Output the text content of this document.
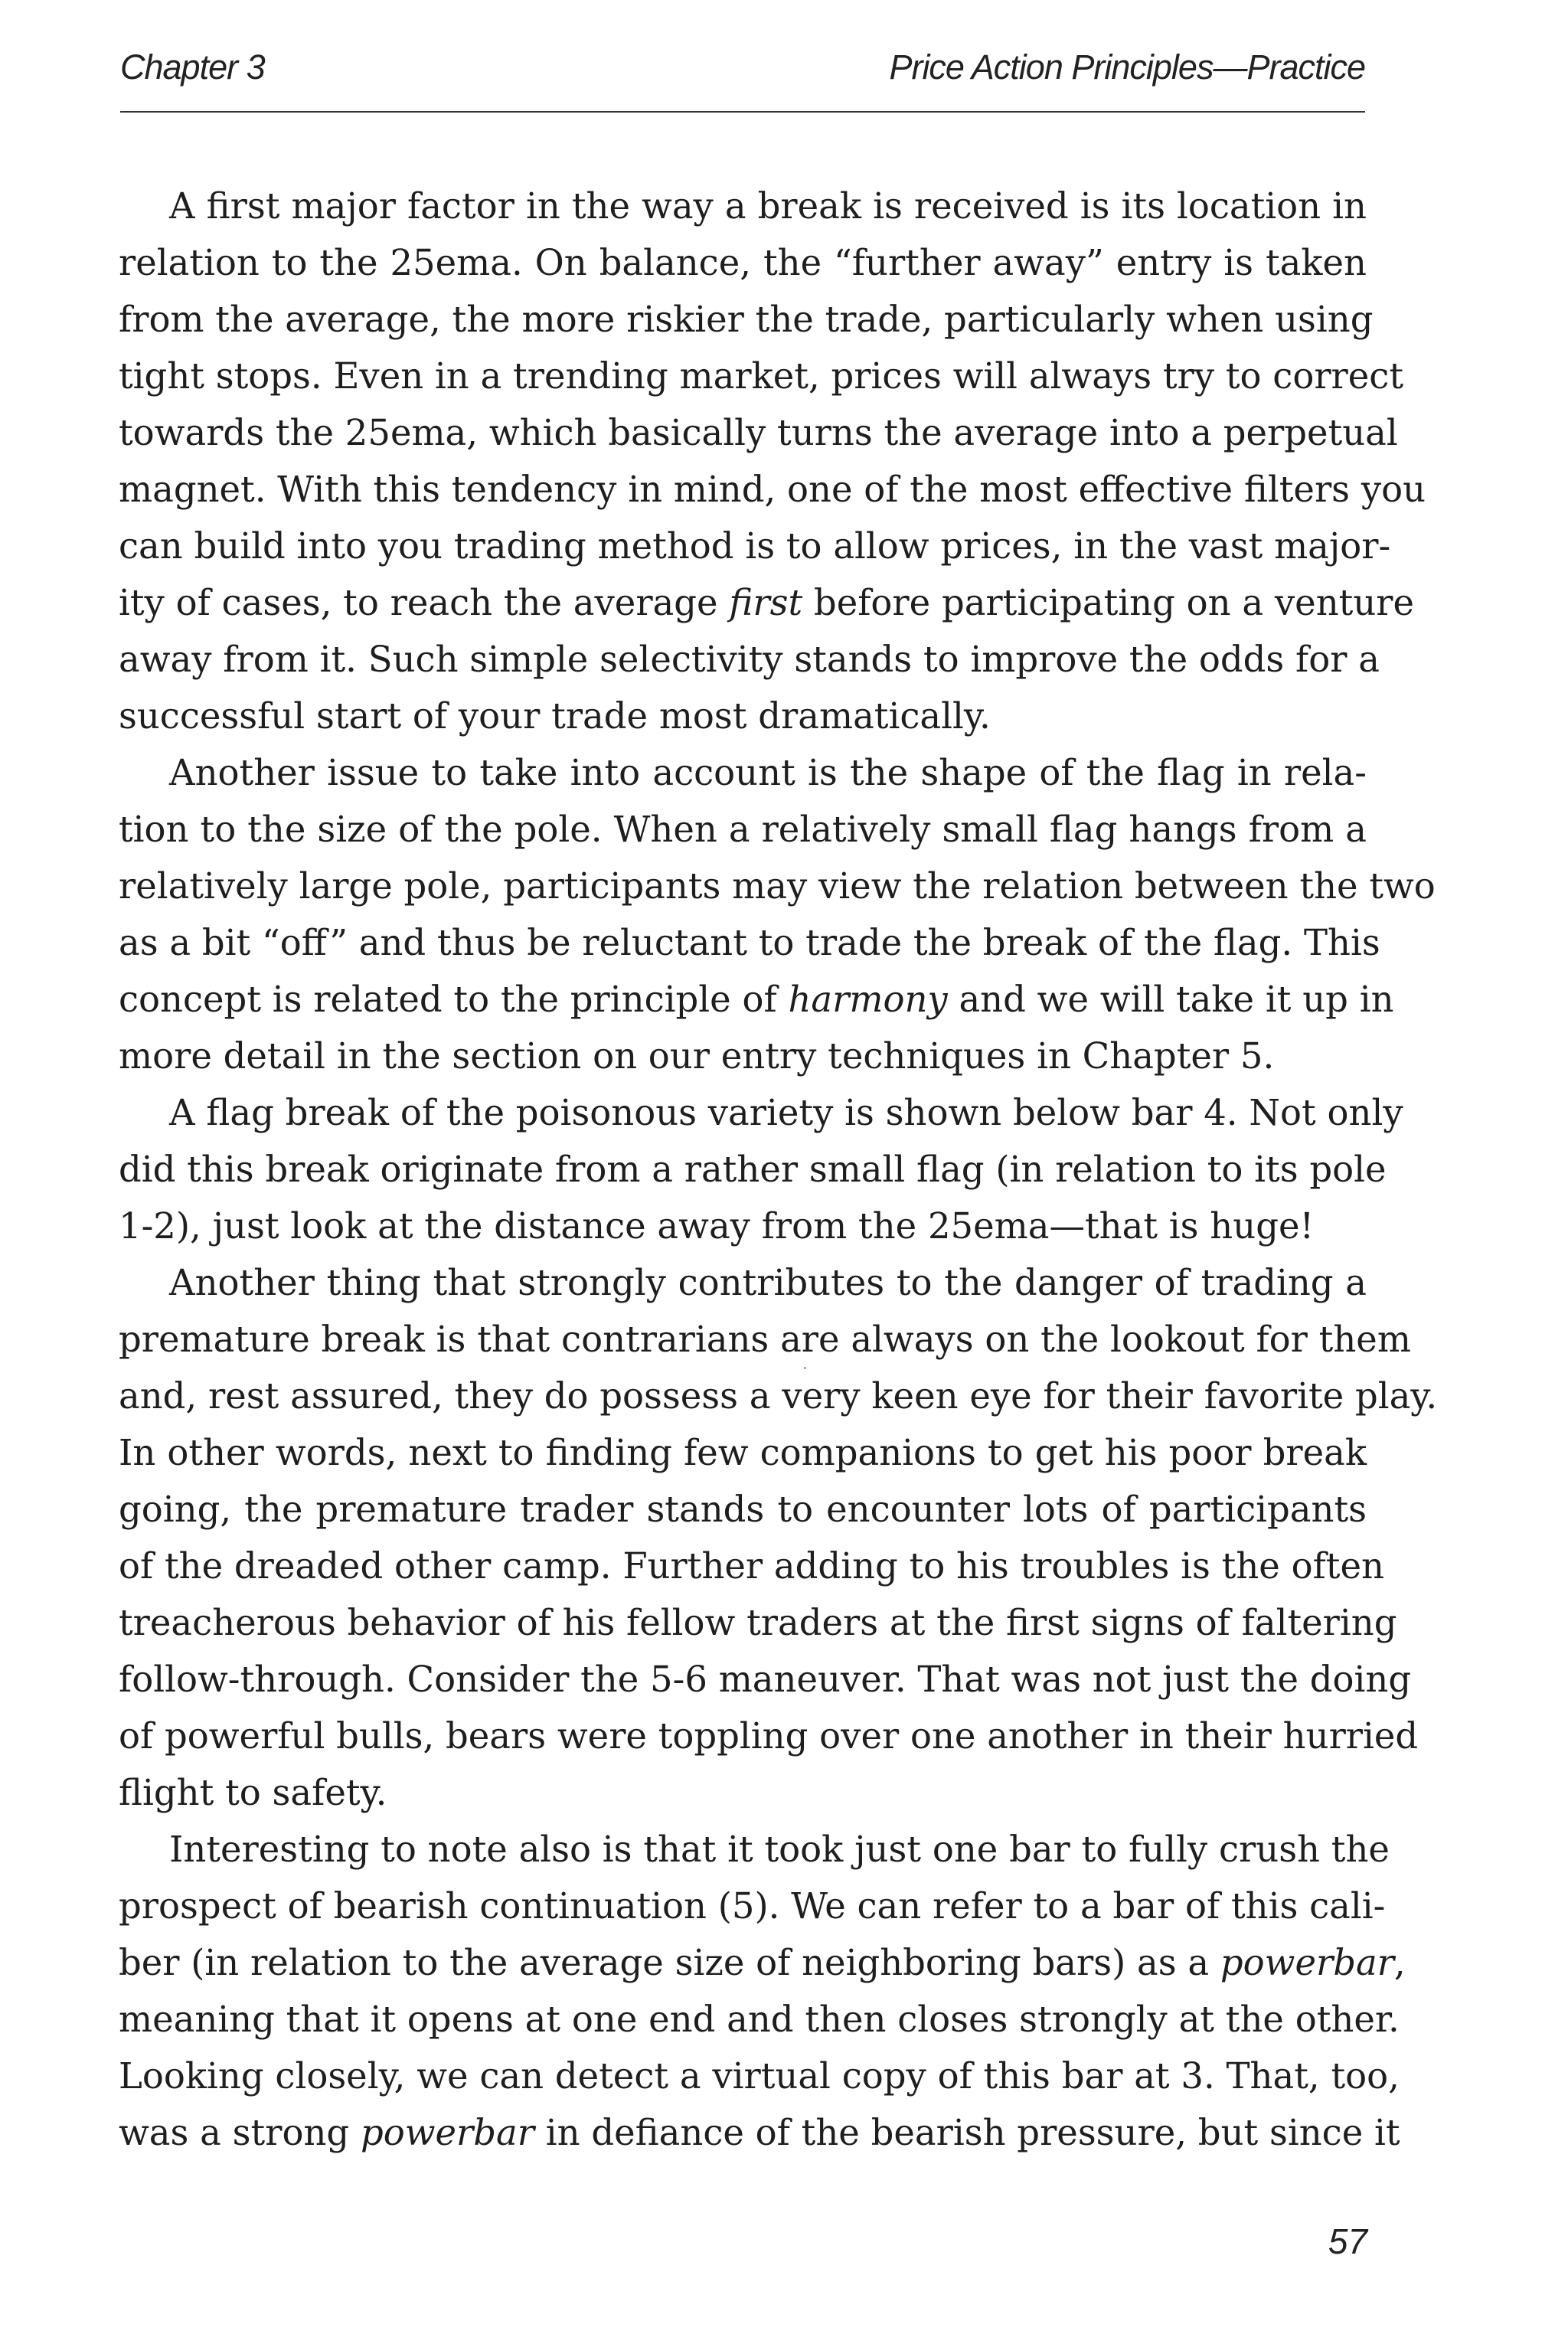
Chapter 3	Price Action Principles—Practice
A first major factor in the way a break is received is its location in
relation to the 25ema. On balance, the “further away” entry is taken
from the average, the more riskier the trade, particularly when using
tight stops. Even in a trending market, prices will always try to correct
towards the 25ema, which basically turns the average into a perpetual
magnet. With this tendency in mind, one of the most effective filters you
can build into you trading method is to allow prices, in the vast major-
ity of cases, to reach the average first before participating on a venture
away from it. Such simple selectivity stands to improve the odds for a
successful start of your trade most dramatically.
Another issue to take into account is the shape of the flag in rela-
tion to the size of the pole. When a relatively small flag hangs from a
relatively large pole, participants may view the relation between the two
as a bit “off” and thus be reluctant to trade the break of the flag. This
concept is related to the principle of harmony and we will take it up in
more detail in the section on our entry techniques in Chapter 5.
A flag break of the poisonous variety is shown below bar 4. Not only
did this break originate from a rather small flag (in relation to its pole
1-2), just look at the distance away from the 25ema—that is huge!
Another thing that strongly contributes to the danger of trading a
premature break is that contrarians are always on the lookout for them
and, rest assured, they do possess a very keen eye for their favorite play.
In other words, next to finding few companions to get his poor break
going, the premature trader stands to encounter lots of participants
of the dreaded other camp. Further adding to his troubles is the often
treacherous behavior of his fellow traders at the first signs of faltering
follow-through. Consider the 5-6 maneuver. That was not just the doing
of powerful bulls, bears were toppling over one another in their hurried
flight to safety.
Interesting to note also is that it took just one bar to fully crush the
prospect of bearish continuation (5). We can refer to a bar of this cali-
ber (in relation to the average size of neighboring bars) as a powerbar,
meaning that it opens at one end and then closes strongly at the other.
Looking closely, we can detect a virtual copy of this bar at 3. That, too,
was a strong powerbar in defiance of the bearish pressure, but since it
57
